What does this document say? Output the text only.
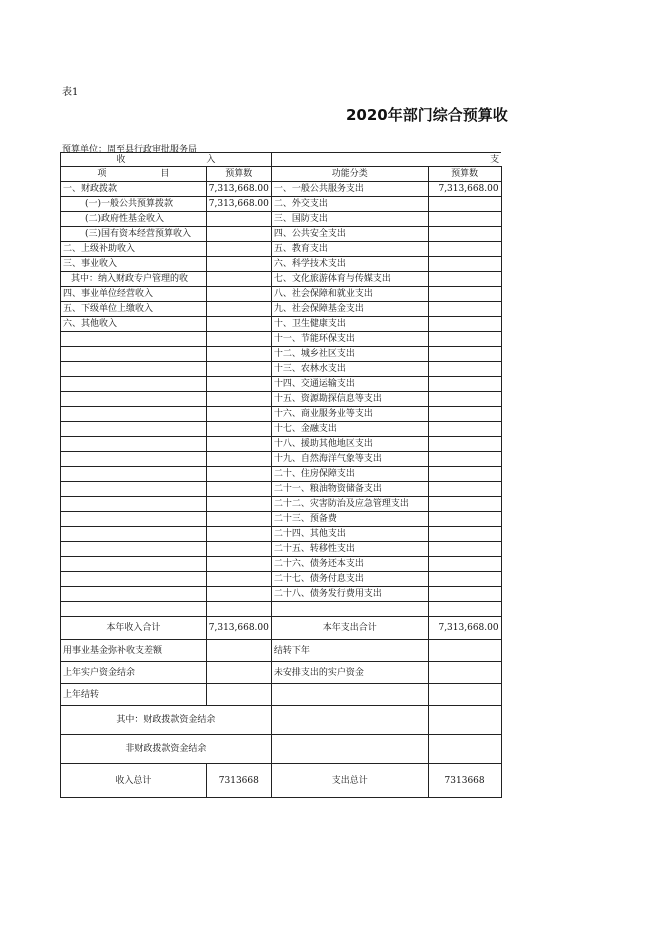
表1
2020年部门综合预算收
预算单位：周至县行政审批服务局
收　　　　　　　　　入		支		
项　　　　　　目	预算数	功能分类	预算数	
一、财政拨款	7,313,668.00	一、一般公共服务支出	7,313,668.00	
(一)一般公共预算拨款	7,313,668.00	二、外交支出		
(二)政府性基金收入		三、国防支出		
(三)国有资本经营预算收入		四、公共安全支出		
二、上级补助收入		五、教育支出		
三、事业收入		六、科学技术支出		
其中：纳入财政专户管理的收		七、文化旅游体育与传媒支出		
四、事业单位经营收入		八、社会保障和就业支出		
五、下级单位上缴收入		九、社会保障基金支出		
六、其他收入		十、卫生健康支出		
		十一、节能环保支出		
		十二、城乡社区支出		
		十三、农林水支出		
		十四、交通运输支出		
		十五、资源勘探信息等支出		
		十六、商业服务业等支出		
		十七、金融支出		
		十八、援助其他地区支出		
		十九、自然海洋气象等支出		
		二十、住房保障支出		
		二十一、粮油物资储备支出		
		二十二、灾害防治及应急管理支出		
		二十三、预备费		
		二十四、其他支出		
		二十五、转移性支出		
		二十六、债务还本支出		
		二十七、债务付息支出		
		二十八、债务发行费用支出		

本年收入合计	7,313,668.00	本年支出合计	7,313,668.00	
用事业基金弥补收支差额		结转下年		
上年实户资金结余		未安排支出的实户资金		
上年结转				
其中：财政拨款资金结余				
非财政拨款资金结余				
收入总计	7313668	支出总计	7313668	
